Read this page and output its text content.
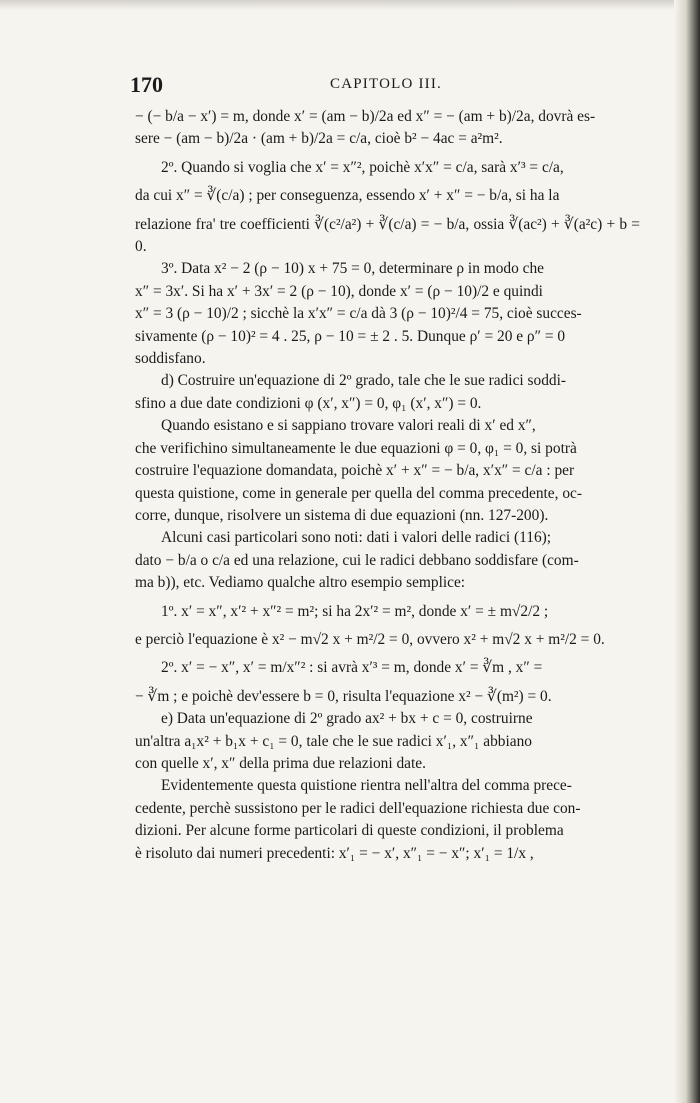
170	CAPITOLO III.
− (− b/a − x′) = m, donde x′ = (am − b)/2a ed x″ = − (am + b)/2a, dovrà es-
sere − (am − b)/2a · (am + b)/2a = c/a, cioè b² − 4ac = a²m².
2º. Quando si voglia che x′ = x″², poichè x′x″ = c/a, sarà x′³ = c/a,
da cui x″ = ∛(c/a) ; per conseguenza, essendo x′ + x″ = − b/a, si ha la
relazione fra' tre coefficienti ∛(c²/a²) + ∛(c/a) = − b/a, ossia ∛(ac²) + ∛(a²c) + b = 0.
3º. Data x² − 2 (ρ − 10) x + 75 = 0, determinare ρ in modo che
x″ = 3x′. Si ha x′ + 3x′ = 2 (ρ − 10), donde x′ = (ρ − 10)/2 e quindi
x″ = 3 (ρ − 10)/2 ; sicchè la x′x″ = c/a dà 3 (ρ − 10)²/4 = 75, cioè succes-
sivamente (ρ − 10)² = 4 . 25, ρ − 10 = ± 2 . 5. Dunque ρ′ = 20 e ρ″ = 0
soddisfano.
d) Costruire un'equazione di 2º grado, tale che le sue radici soddi-
sfino a due date condizioni φ (x′, x″) = 0, φ₁ (x′, x″) = 0.
Quando esistano e si sappiano trovare valori reali di x′ ed x″,
che verifichino simultaneamente le due equazioni φ = 0, φ₁ = 0, si potrà
costruire l'equazione domandata, poichè x′ + x″ = − b/a, x′x″ = c/a : per
questa quistione, come in generale per quella del comma precedente, oc-
corre, dunque, risolvere un sistema di due equazioni (nn. 127-200).
Alcuni casi particolari sono noti: dati i valori delle radici (116);
dato − b/a o c/a ed una relazione, cui le radici debbano soddisfare (com-
ma b)), etc. Vediamo qualche altro esempio semplice:
1º. x′ = x″, x′² + x″² = m²; si ha 2x′² = m², donde x′ = ± m√2/2 ;
e perciò l'equazione è x² − m√2 x + m²/2 = 0, ovvero x² + m√2 x + m²/2 = 0.
2º. x′ = − x″, x′ = m/x″² : si avrà x′³ = m, donde x′ = ∛m , x″ =
− ∛m ; e poichè dev'essere b = 0, risulta l'equazione x² − ∛(m²) = 0.
e) Data un'equazione di 2º grado ax² + bx + c = 0, costruirne
un'altra a₁x² + b₁x + c₁ = 0, tale che le sue radici x′₁, x″₁ abbiano
con quelle x′, x″ della prima due relazioni date.
Evidentemente questa quistione rientra nell'altra del comma prece-
cedente, perchè sussistono per le radici dell'equazione richiesta due con-
dizioni. Per alcune forme particolari di queste condizioni, il problema
è risoluto dai numeri precedenti: x′₁ = − x′, x″₁ = − x″; x′₁ = 1/x ,
